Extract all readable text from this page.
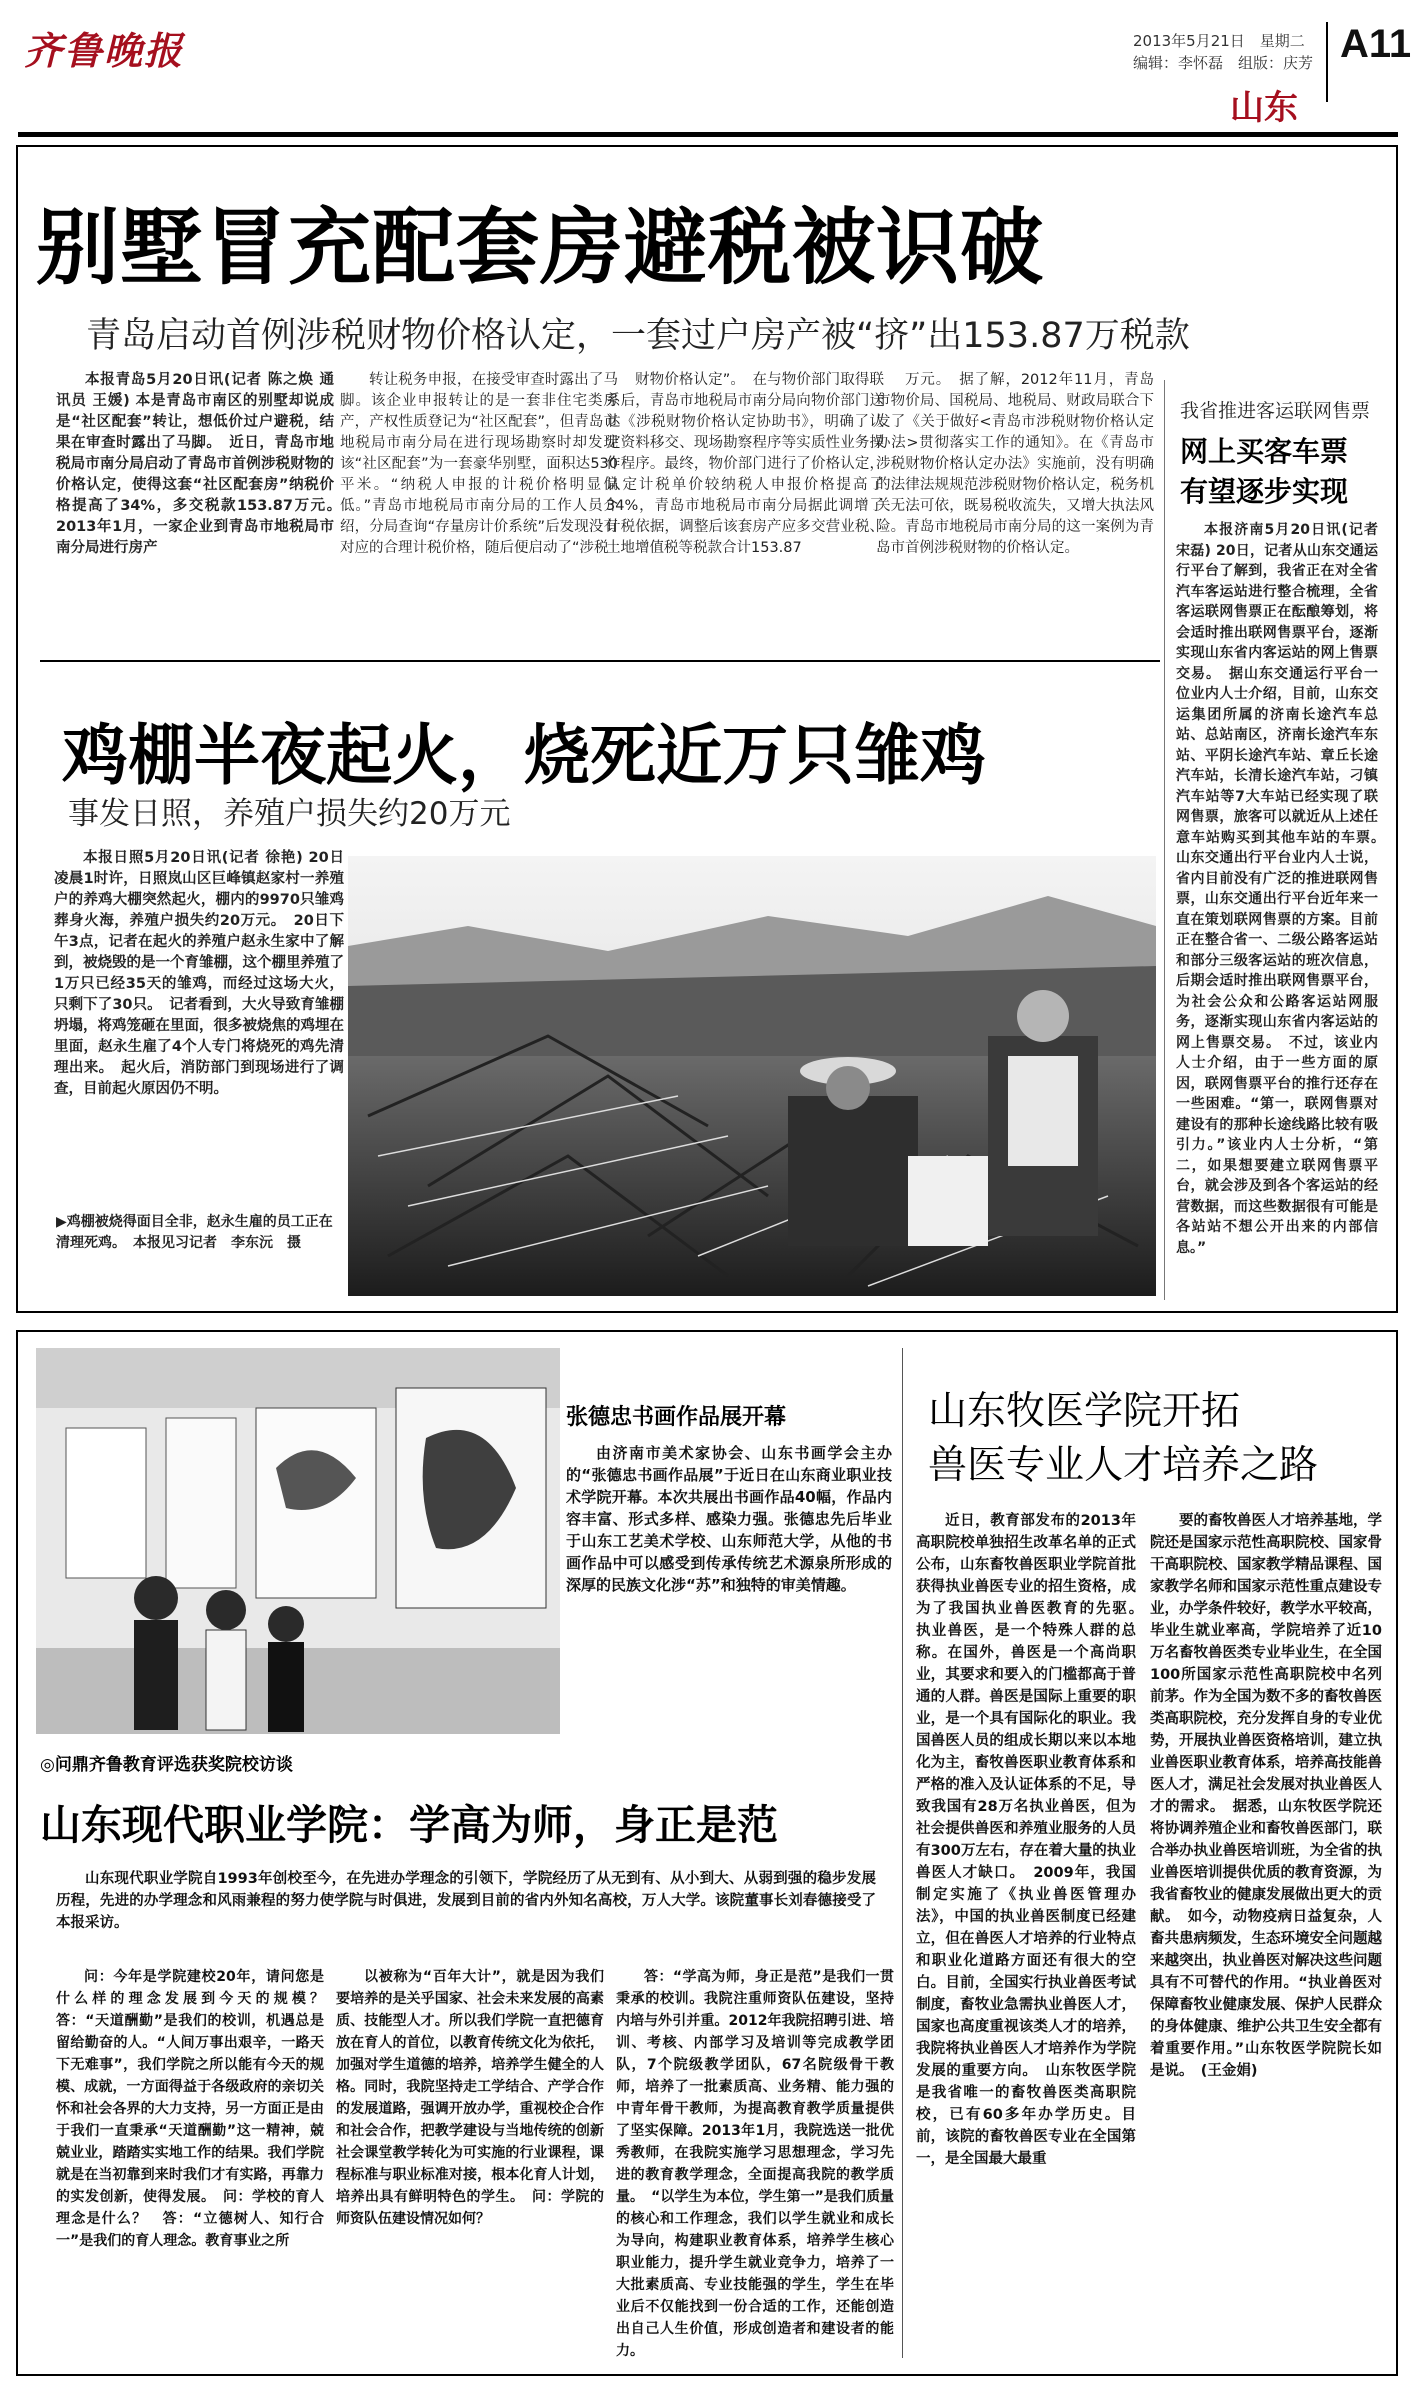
齐鲁晚报	2013年5月21日　星期二
编辑：李怀磊　组版：庆芳 A11
山东
别墅冒充配套房避税被识破
青岛启动首例涉税财物价格认定，一套过户房产被“挤”出153.87万税款

本报青岛5月20日讯(记者 陈之焕 通讯员 王媛) 本是青岛市南区的别墅却说成是“社区配套”转让，想低价过户避税，结果在审查时露出了马脚。　近日，青岛市地税局市南分局启动了青岛市首例涉税财物的价格认定，使得这套“社区配套房”纳税价格提高了34%，多交税款153.87万元。　2013年1月，一家企业到青岛市地税局市南分局进行房产

转让税务申报，在接受审查时露出了马脚。该企业申报转让的是一套非住宅类房产，产权性质登记为“社区配套”，但青岛市地税局市南分局在进行现场勘察时却发现该“社区配套”为一套豪华别墅，面积达530平米。“纳税人申报的计税价格明显偏低。”青岛市地税局市南分局的工作人员介绍，分局查询“存量房计价系统”后发现没有对应的合理计税价格，随后便启动了“涉税

财物价格认定”。　在与物价部门取得联系后，青岛市地税局市南分局向物价部门送达《涉税财物价格认定协助书》，明确了认定资料移交、现场勘察程序等实质性业务操作程序。最终，物价部门进行了价格认定，认定计税单价较纳税人申报价格提高了34%，青岛市地税局市南分局据此调增了计税依据，调整后该套房产应多交营业税、土地增值税等税款合计153.87

万元。　据了解，2012年11月，青岛市物价局、国税局、地税局、财政局联合下发了《关于做好<青岛市涉税财物价格认定办法>贯彻落实工作的通知》。在《青岛市涉税财物价格认定办法》实施前，没有明确的法律法规规范涉税财物价格认定，税务机关无法可依，既易税收流失，又增大执法风险。青岛市地税局市南分局的这一案例为青岛市首例涉税财物的价格认定。

鸡棚半夜起火，烧死近万只雏鸡
事发日照，养殖户损失约20万元

本报日照5月20日讯(记者 徐艳) 20日凌晨1时许，日照岚山区巨峰镇赵家村一养殖户的养鸡大棚突然起火，棚内的9970只雏鸡葬身火海，养殖户损失约20万元。　20日下午3点，记者在起火的养殖户赵永生家中了解到，被烧毁的是一个育雏棚，这个棚里养殖了1万只已经35天的雏鸡，而经过这场大火，只剩下了30只。　记者看到，大火导致育雏棚坍塌，将鸡笼砸在里面，很多被烧焦的鸡埋在里面，赵永生雇了4个人专门将烧死的鸡先清理出来。　起火后，消防部门到现场进行了调查，目前起火原因仍不明。

▶鸡棚被烧得面目全非，赵永生雇的员工正在清理死鸡。　本报见习记者　李东沅　摄
我省推进客运联网售票
网上买客车票
有望逐步实现

本报济南5月20日讯(记者 宋磊) 20日，记者从山东交通运行平台了解到，我省正在对全省汽车客运站进行整合梳理，全省客运联网售票正在酝酿筹划，将会适时推出联网售票平台，逐渐实现山东省内客运站的网上售票交易。　据山东交通运行平台一位业内人士介绍，目前，山东交运集团所属的济南长途汽车总站、总站南区，济南长途汽车东站、平阴长途汽车站、章丘长途汽车站，长清长途汽车站，刁镇汽车站等7大车站已经实现了联网售票，旅客可以就近从上述任意车站购买到其他车站的车票。　山东交通出行平台业内人士说，省内目前没有广泛的推进联网售票，山东交通出行平台近年来一直在策划联网售票的方案。目前正在整合省一、二级公路客运站和部分三级客运站的班次信息，后期会适时推出联网售票平台，为社会公众和公路客运站网服务，逐渐实现山东省内客运站的网上售票交易。　不过，该业内人士介绍，由于一些方面的原因，联网售票平台的推行还存在一些困难。“第一，联网售票对建设有的那种长途线路比较有吸引力。”该业内人士分析，“第二，如果想要建立联网售票平台，就会涉及到各个客运站的经营数据，而这些数据很有可能是各站站不想公开出来的内部信息。”

张德忠书画作品展开幕

由济南市美术家协会、山东书画学会主办的“张德忠书画作品展”于近日在山东商业职业技术学院开幕。本次共展出书画作品40幅，作品内容丰富、形式多样、感染力强。张德忠先后毕业于山东工艺美术学校、山东师范大学，从他的书画作品中可以感受到传承传统艺术源泉所形成的深厚的民族文化涉“苏”和独特的审美情趣。

◎问鼎齐鲁教育评选获奖院校访谈
山东现代职业学院：学高为师，身正是范

山东现代职业学院自1993年创校至今，在先进办学理念的引领下，学院经历了从无到有、从小到大、从弱到强的稳步发展历程，先进的办学理念和风雨兼程的努力使学院与时俱进，发展到目前的省内外知名高校，万人大学。该院董事长刘春德接受了本报采访。

问：今年是学院建校20年，请问您是什么样的理念发展到今天的规模？　答：“天道酬勤”是我们的校训，机遇总是留给勤奋的人。“人间万事出艰辛，一路天下无难事”，我们学院之所以能有今天的规模、成就，一方面得益于各级政府的亲切关怀和社会各界的大力支持，另一方面正是由于我们一直秉承“天道酬勤”这一精神，兢兢业业，踏踏实实地工作的结果。我们学院就是在当初靠到来时我们才有实路，再靠力的实发创新，使得发展。　问：学校的育人理念是什么？　答：“立德树人、知行合一”是我们的育人理念。教育事业之所

以被称为“百年大计”，就是因为我们要培养的是关乎国家、社会未来发展的高素质、技能型人才。所以我们学院一直把德育放在育人的首位，以教育传统文化为依托，加强对学生道德的培养，培养学生健全的人格。同时，我院坚持走工学结合、产学合作的发展道路，强调开放办学，重视校企合作和社会合作，把教学建设与当地传统的创新社会课堂教学转化为可实施的行业课程，课程标准与职业标准对接，根本化育人计划，培养出具有鲜明特色的学生。　问：学院的师资队伍建设情况如何？

答：“学高为师，身正是范”是我们一贯秉承的校训。我院注重师资队伍建设，坚持内培与外引并重。2012年我院招聘引进、培训、考核、内部学习及培训等完成教学团队，7个院级教学团队，67名院级骨干教师，培养了一批素质高、业务精、能力强的中青年骨干教师，为提高教育教学质量提供了坚实保障。2013年1月，我院选送一批优秀教师，在我院实施学习思想理念，学习先进的教育教学理念，全面提高我院的教学质量。　“以学生为本位，学生第一”是我们质量的核心和工作理念，我们以学生就业和成长为导向，构建职业教育体系，培养学生核心职业能力，提升学生就业竞争力，培养了一大批素质高、专业技能强的学生，学生在毕业后不仅能找到一份合适的工作，还能创造出自己人生价值，形成创造者和建设者的能力。

山东牧医学院开拓
兽医专业人才培养之路

近日，教育部发布的2013年高职院校单独招生改革名单的正式公布，山东畜牧兽医职业学院首批获得执业兽医专业的招生资格，成为了我国执业兽医教育的先驱。　执业兽医，是一个特殊人群的总称。在国外，兽医是一个高尚职业，其要求和要入的门槛都高于普通的人群。兽医是国际上重要的职业，是一个具有国际化的职业。我国兽医人员的组成长期以来以本地化为主，畜牧兽医职业教育体系和严格的准入及认证体系的不足，导致我国有28万名执业兽医，但为社会提供兽医和养殖业服务的人员有300万左右，存在着大量的执业兽医人才缺口。　2009年，我国制定实施了《执业兽医管理办法》，中国的执业兽医制度已经建立，但在兽医人才培养的行业特点和职业化道路方面还有很大的空白。目前，全国实行执业兽医考试制度，畜牧业急需执业兽医人才，国家也高度重视该类人才的培养，我院将执业兽医人才培养作为学院发展的重要方向。　山东牧医学院是我省唯一的畜牧兽医类高职院校，已有60多年办学历史。目前，该院的畜牧兽医专业在全国第一，是全国最大最重

要的畜牧兽医人才培养基地，学院还是国家示范性高职院校、国家骨干高职院校、国家教学精品课程、国家教学名师和国家示范性重点建设专业，办学条件较好，教学水平较高，毕业生就业率高，学院培养了近10万名畜牧兽医类专业毕业生，在全国100所国家示范性高职院校中名列前茅。作为全国为数不多的畜牧兽医类高职院校，充分发挥自身的专业优势，开展执业兽医资格培训，建立执业兽医职业教育体系，培养高技能兽医人才，满足社会发展对执业兽医人才的需求。　据悉，山东牧医学院还将协调养殖企业和畜牧兽医部门，联合举办执业兽医培训班，为全省的执业兽医培训提供优质的教育资源，为我省畜牧业的健康发展做出更大的贡献。　如今，动物疫病日益复杂，人畜共患病频发，生态环境安全问题越来越突出，执业兽医对解决这些问题具有不可替代的作用。“执业兽医对保障畜牧业健康发展、保护人民群众的身体健康、维护公共卫生安全都有着重要作用。”山东牧医学院院长如是说。　(王金娟)
